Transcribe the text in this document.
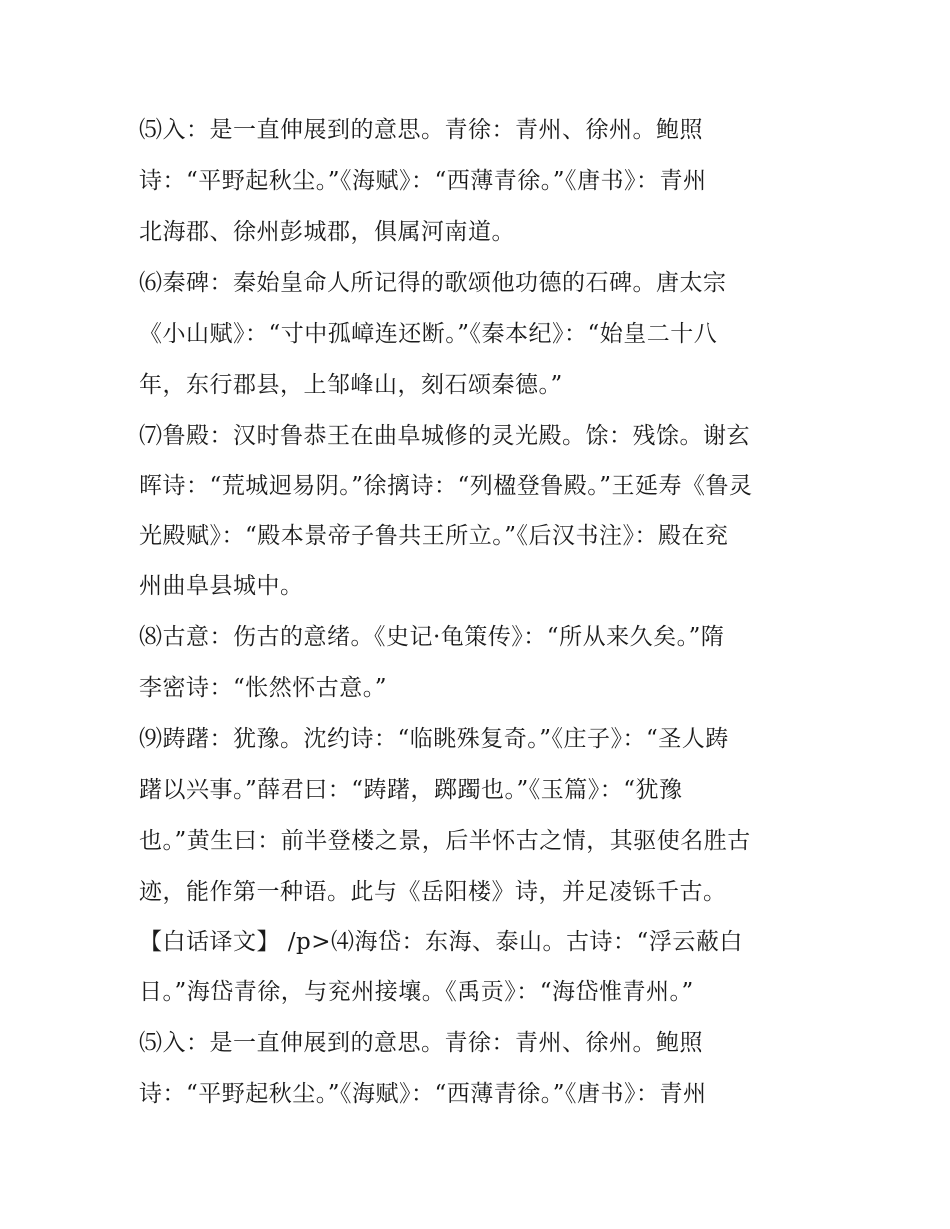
⑸入：是一直伸展到的意思。青徐：青州、徐州。鲍照
诗：“平野起秋尘。”《海赋》：“西薄青徐。”《唐书》：青州
北海郡、徐州彭城郡，俱属河南道。
⑹秦碑：秦始皇命人所记得的歌颂他功德的石碑。唐太宗
《小山赋》：“寸中孤嶂连还断。”《秦本纪》：“始皇二十八
年，东行郡县，上邹峰山，刻石颂秦德。”
⑺鲁殿：汉时鲁恭王在曲阜城修的灵光殿。馀：残馀。谢玄
晖诗：“荒城迥易阴。”徐摛诗：“列楹登鲁殿。”王延寿《鲁灵
光殿赋》：“殿本景帝子鲁共王所立。”《后汉书注》：殿在兖
州曲阜县城中。
⑻古意：伤古的意绪。《史记·龟策传》：“所从来久矣。”隋
李密诗：“怅然怀古意。”
⑼踌躇：犹豫。沈约诗：“临眺殊复奇。”《庄子》：“圣人踌
躇以兴事。”薛君曰：“踌躇，踯躅也。”《玉篇》：“犹豫
也。”黄生曰：前半登楼之景，后半怀古之情，其驱使名胜古
迹，能作第一种语。此与《岳阳楼》诗，并足凌铄千古。
【白话译文】 /p>⑷海岱：东海、泰山。古诗：“浮云蔽白
日。”海岱青徐，与兖州接壤。《禹贡》：“海岱惟青州。”
⑸入：是一直伸展到的意思。青徐：青州、徐州。鲍照
诗：“平野起秋尘。”《海赋》：“西薄青徐。”《唐书》：青州
